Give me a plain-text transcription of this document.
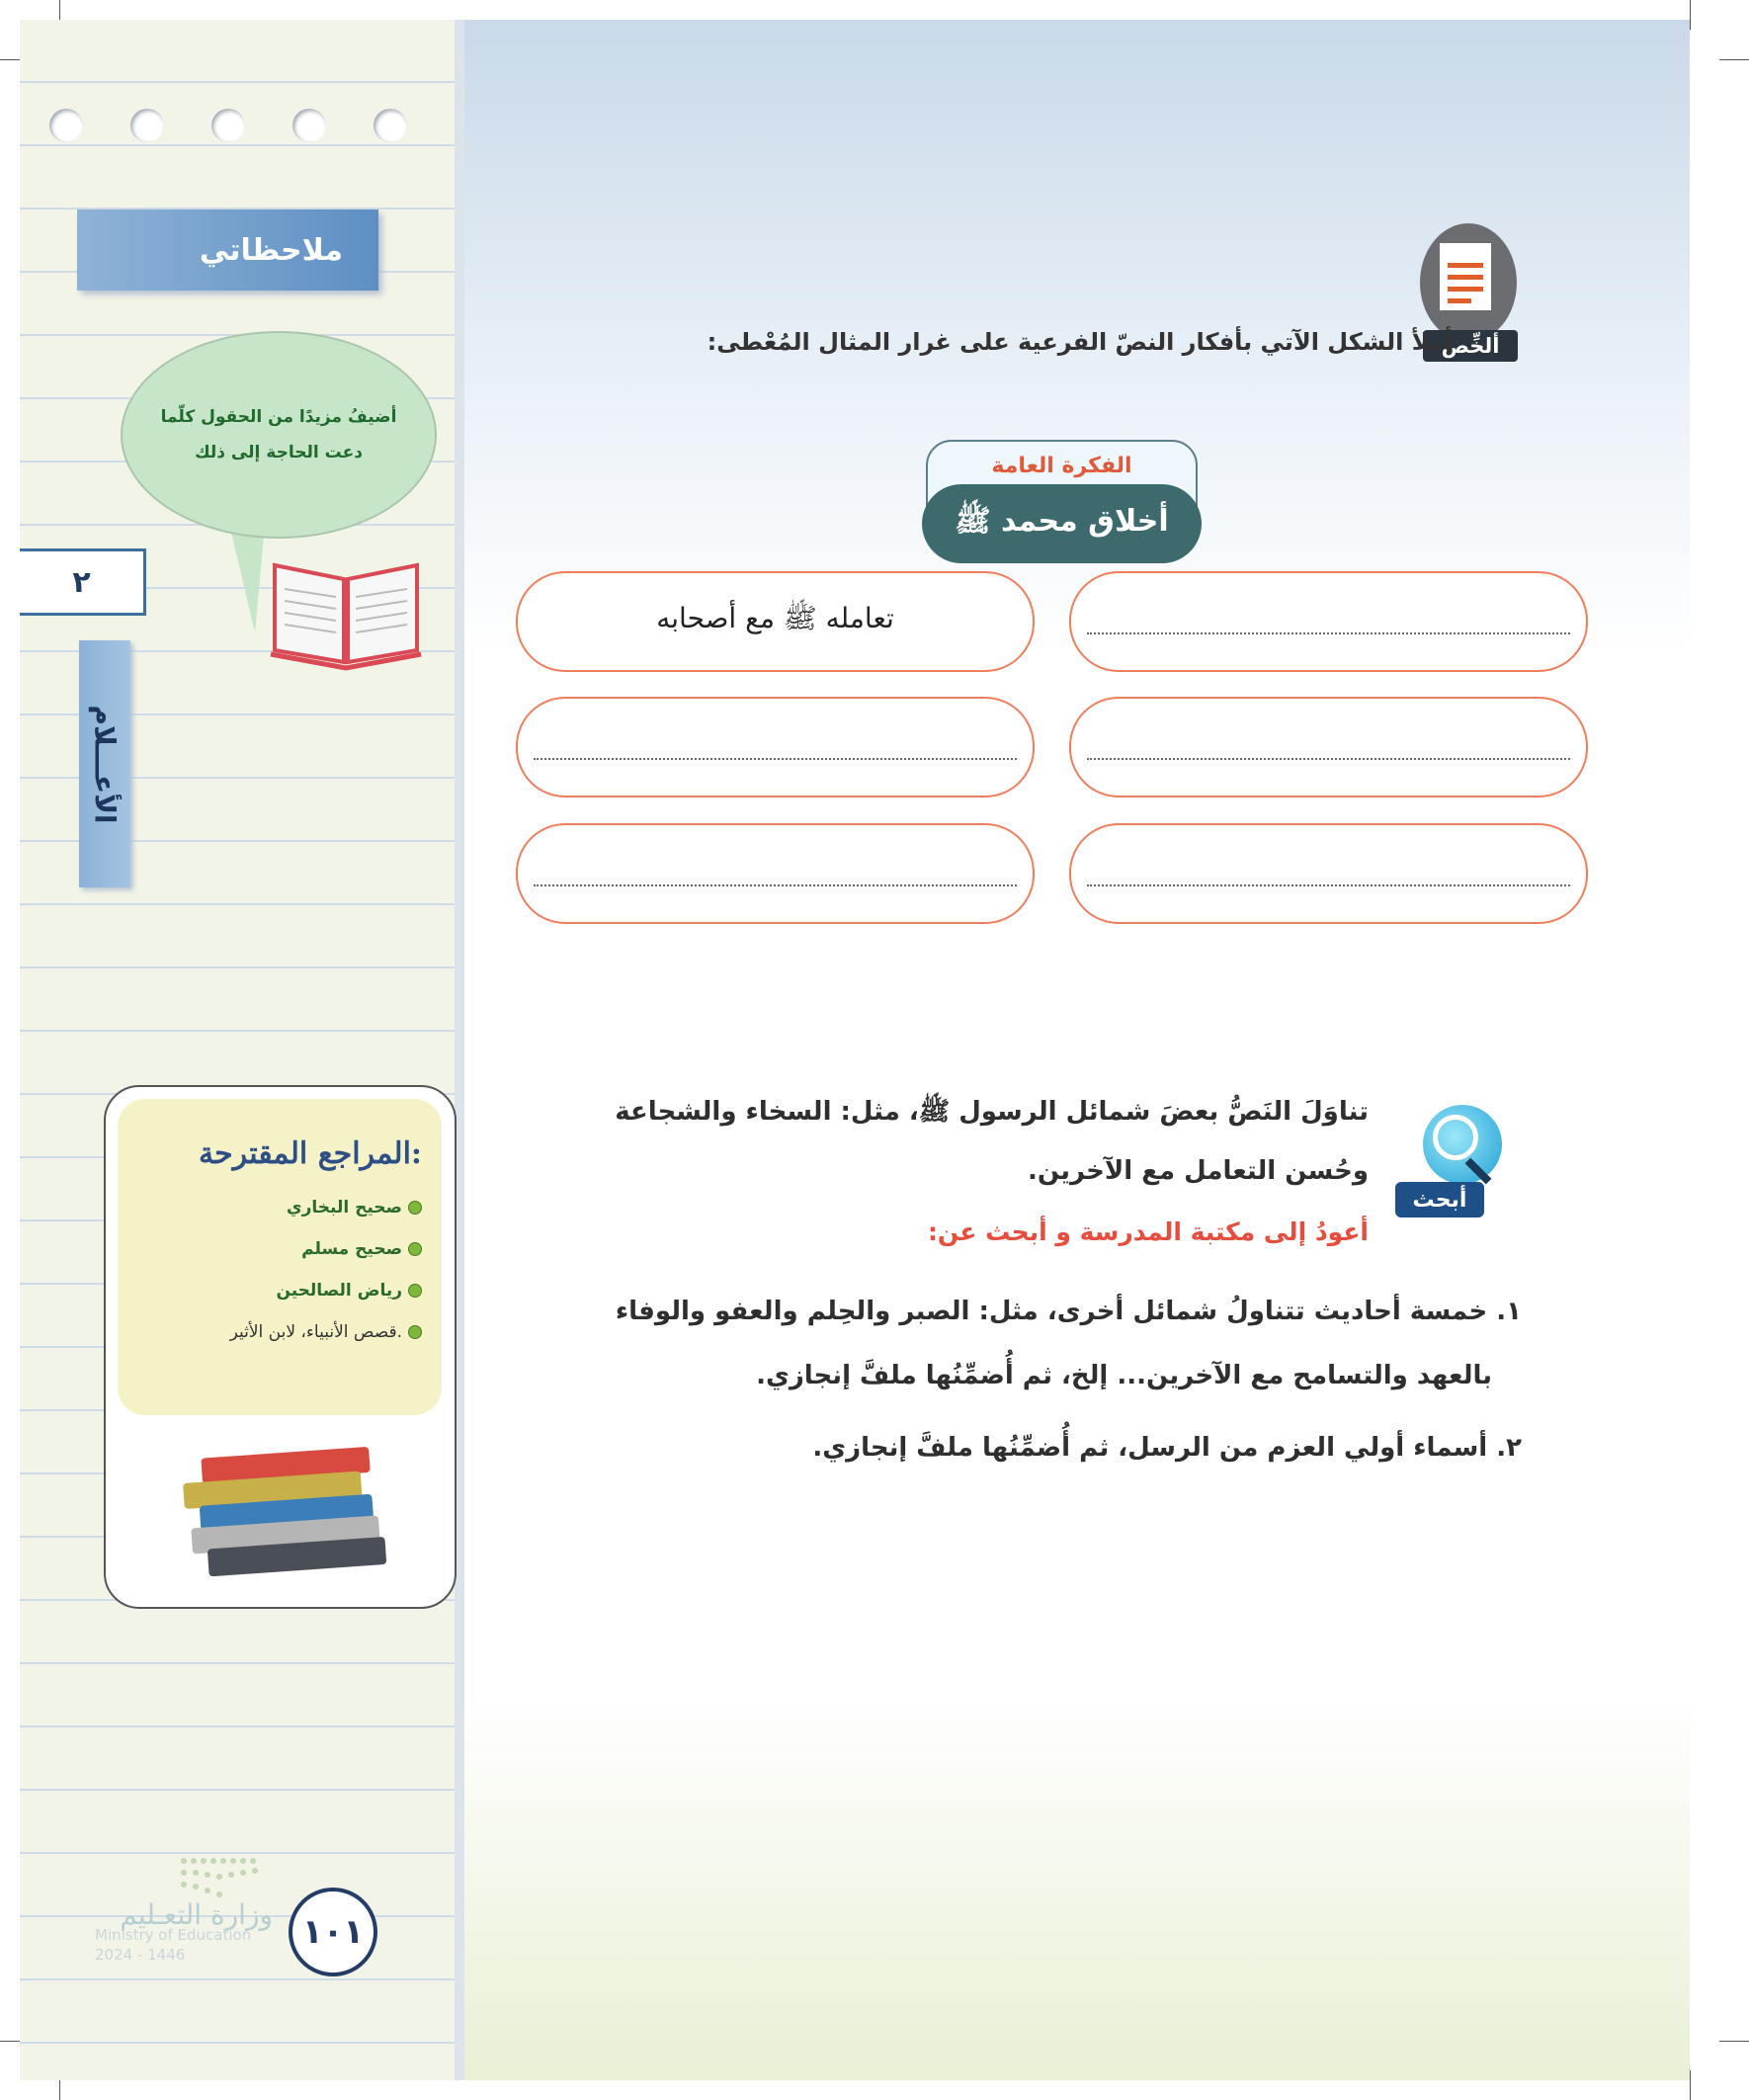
ملاحظاتي
أضيفُ مزيدًا من الحقول كلّما دعت الحاجة إلى ذلك
٢
الأعـــلام
المراجع المقترحة:
صحيح البخاري
صحيح مسلم
رياض الصالحين
قصص الأنبياء، لابن الأثير.
وزارة التعـليم
Ministry of Education
2024 - 1446
١٠١
ألخِّص
أملأ الشكل الآتي بأفكار النصّ الفرعية على غرار المثال المُعْطى:
الفكرة العامة
أخلاق محمد ﷺ
تعامله ﷺ مع أصحابه
أبحث
تناوَلَ النَصُّ بعضَ شمائل الرسول ﷺ، مثل: السخاء والشجاعة
وحُسن التعامل مع الآخرين.
أعودُ إلى مكتبة المدرسة و أبحث عن:
١. خمسة أحاديث تتناولُ شمائل أخرى، مثل: الصبر والحِلم والعفو والوفاء
بالعهد والتسامح مع الآخرين... إلخ، ثم أُضمِّنُها ملفَّ إنجازي.
٢. أسماء أولي العزم من الرسل، ثم أُضمِّنُها ملفَّ إنجازي.
